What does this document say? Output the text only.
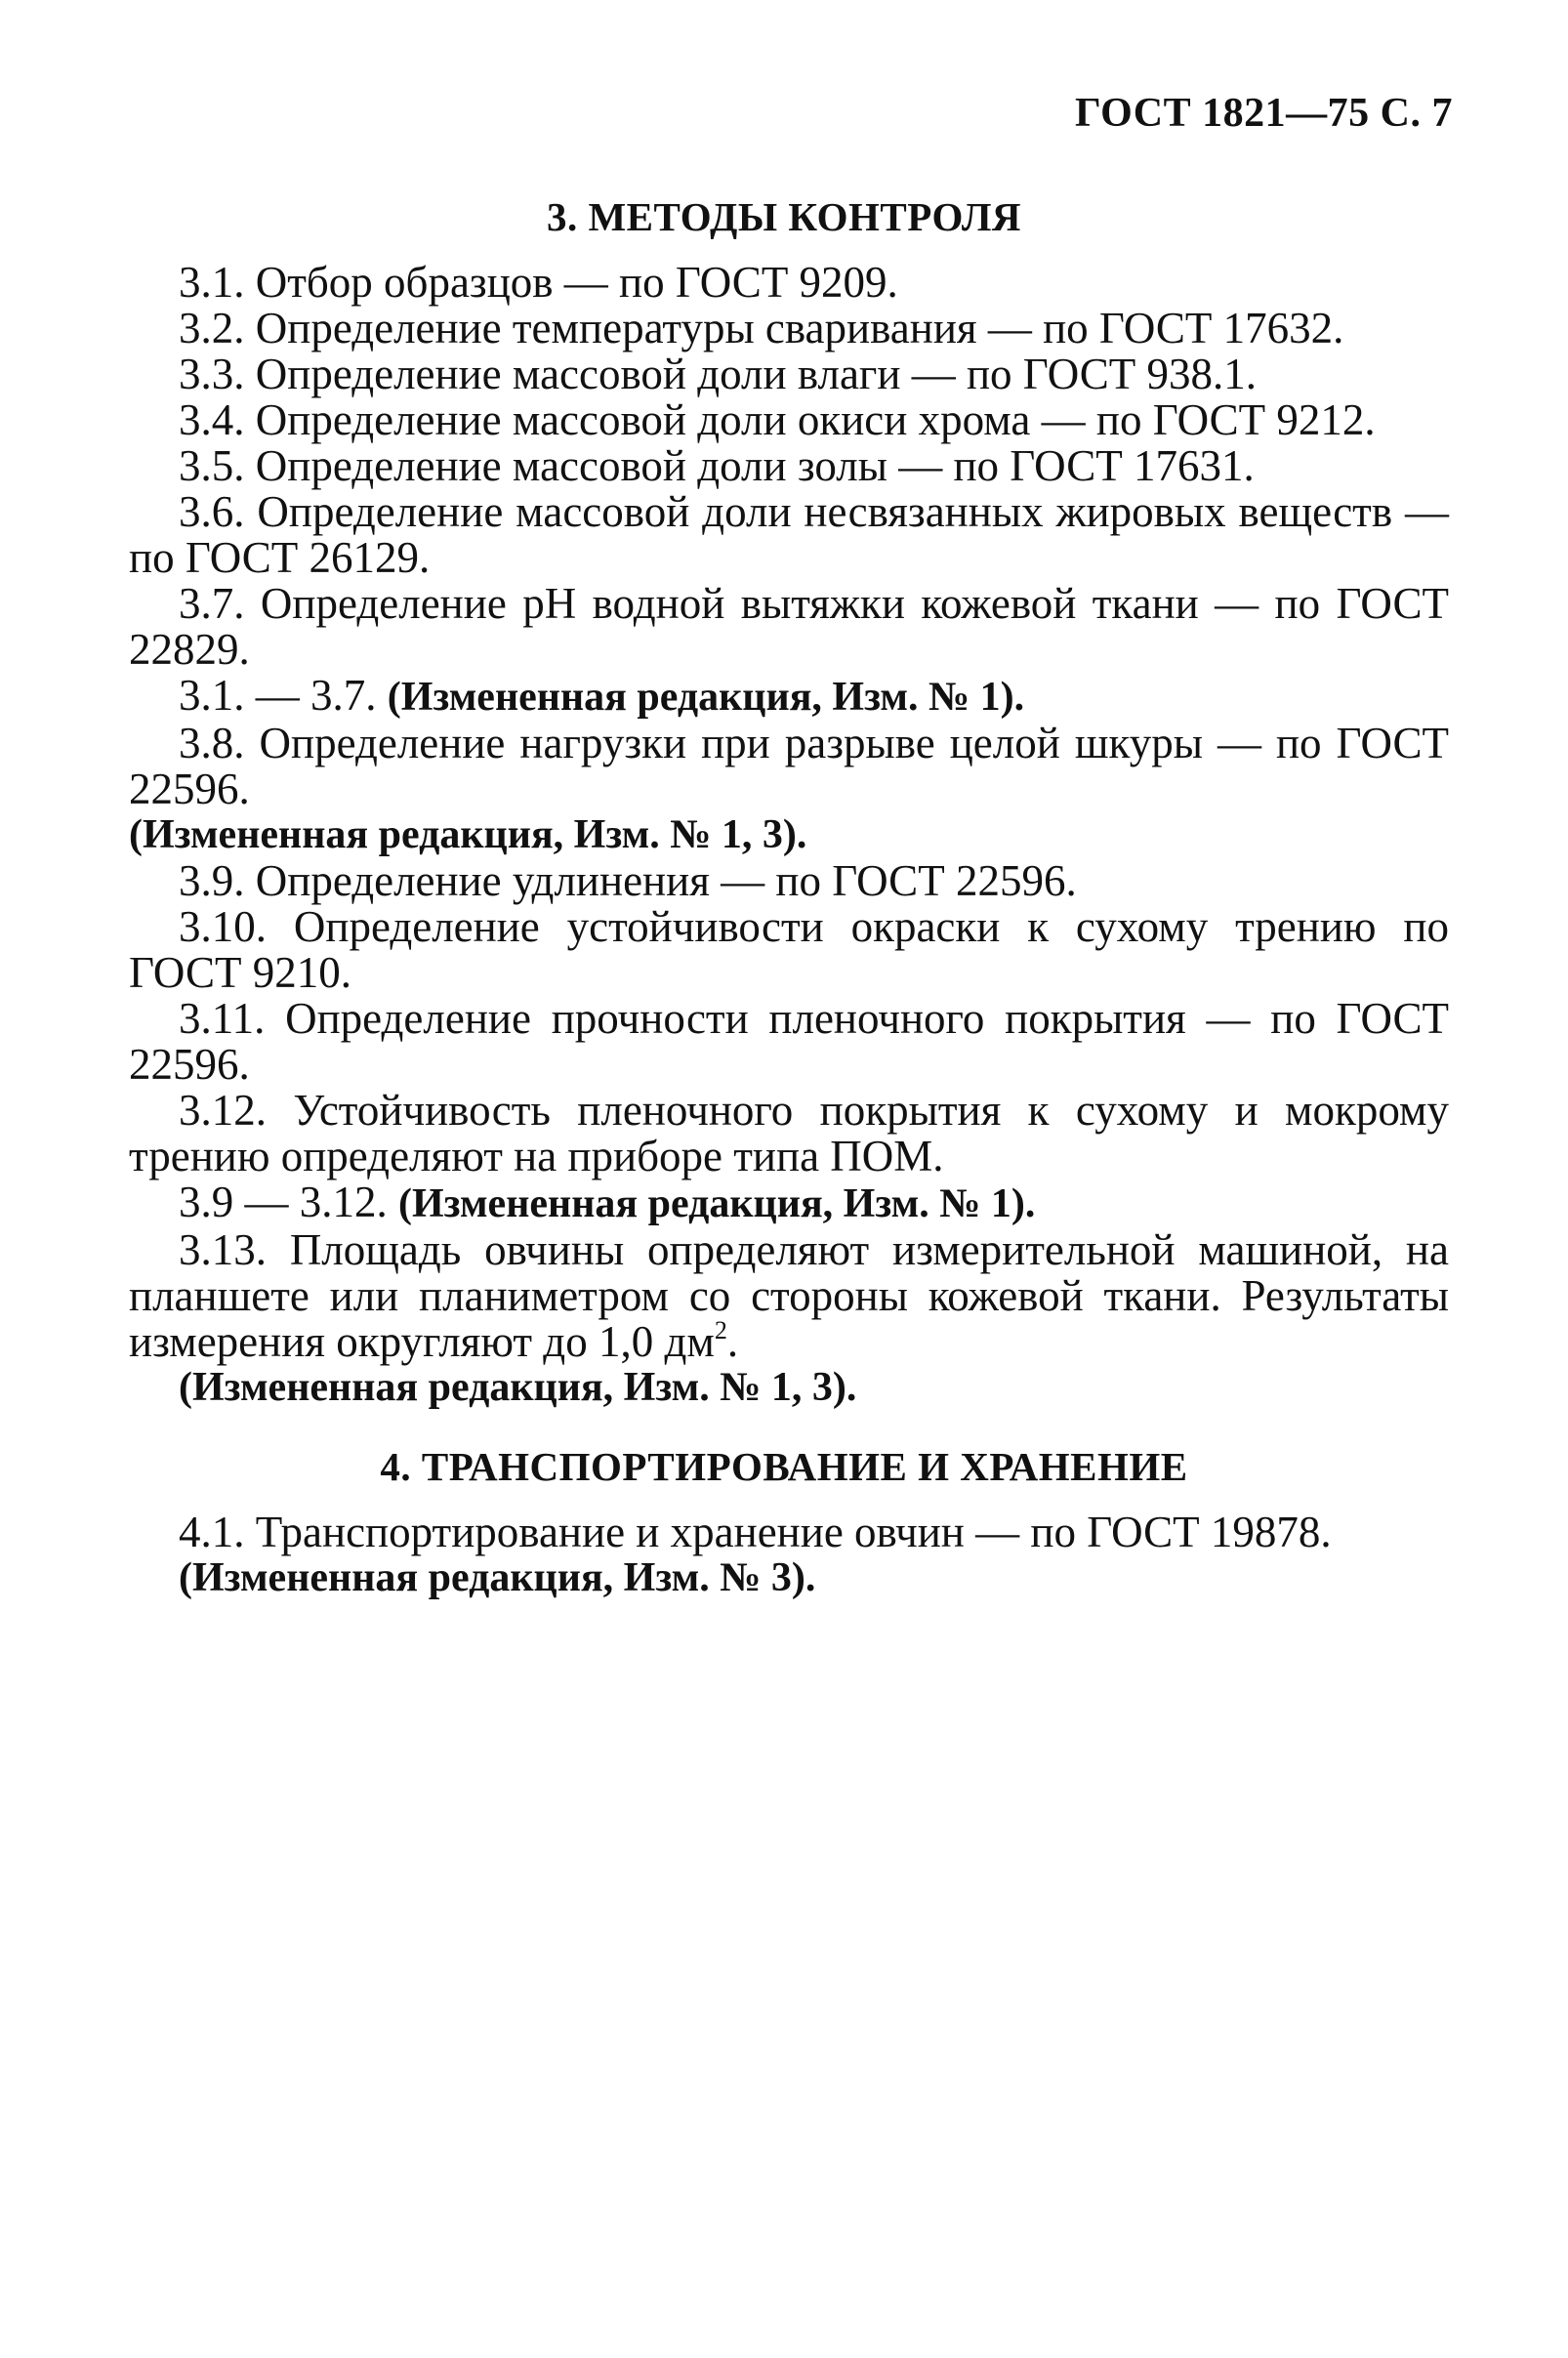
ГОСТ 1821—75 С. 7
3. МЕТОДЫ КОНТРОЛЯ

3.1. Отбор образцов — по ГОСТ 9209.

3.2. Определение температуры сваривания — по ГОСТ 17632.

3.3. Определение массовой доли влаги — по ГОСТ 938.1.

3.4. Определение массовой доли окиси хрома — по ГОСТ 9212.

3.5. Определение массовой доли золы — по ГОСТ 17631.

3.6. Определение массовой доли несвязанных жировых веществ — по ГОСТ 26129.

3.7. Определение рН водной вытяжки кожевой ткани — по ГОСТ 22829.

3.1. — 3.7. (Измененная редакция, Изм. № 1).

3.8. Определение нагрузки при разрыве целой шкуры — по ГОСТ 22596.

(Измененная редакция, Изм. № 1, 3).

3.9. Определение удлинения — по ГОСТ 22596.

3.10. Определение устойчивости окраски к сухому трению по ГОСТ 9210.

3.11. Определение прочности пленочного покрытия — по ГОСТ 22596.

3.12. Устойчивость пленочного покрытия к сухому и мокрому трению определяют на приборе типа ПОМ.

3.9 — 3.12. (Измененная редакция, Изм. № 1).

3.13. Площадь овчины определяют измерительной машиной, на планшете или планиметром со стороны кожевой ткани. Результаты измерения округляют до 1,0 $дм^2$.

(Измененная редакция, Изм. № 1, 3).

4. ТРАНСПОРТИРОВАНИЕ И ХРАНЕНИЕ

4.1. Транспортирование и хранение овчин — по ГОСТ 19878.

(Измененная редакция, Изм. № 3).
